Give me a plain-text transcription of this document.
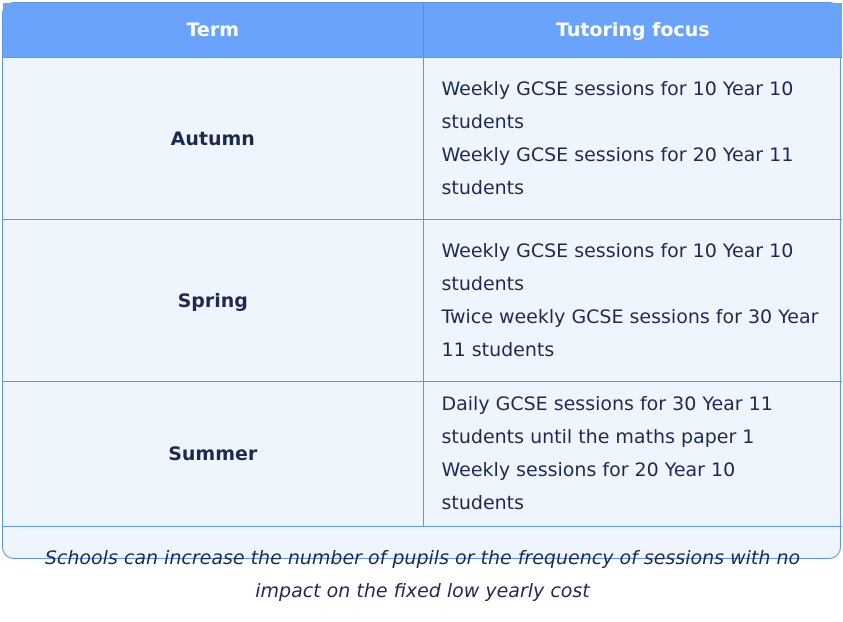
Term	Tutoring focus
Autumn	Weekly GCSE sessions for 10 Year 10 students
Weekly GCSE sessions for 20 Year 11 students

Spring	Weekly GCSE sessions for 10 Year 10 students
Twice weekly GCSE sessions for 30 Year 11 students

Summer	Daily GCSE sessions for 30 Year 11 students until the maths paper 1
Weekly sessions for 20 Year 10 students

Schools can increase the number of pupils or the frequency of sessions with no impact on the fixed low yearly cost	
